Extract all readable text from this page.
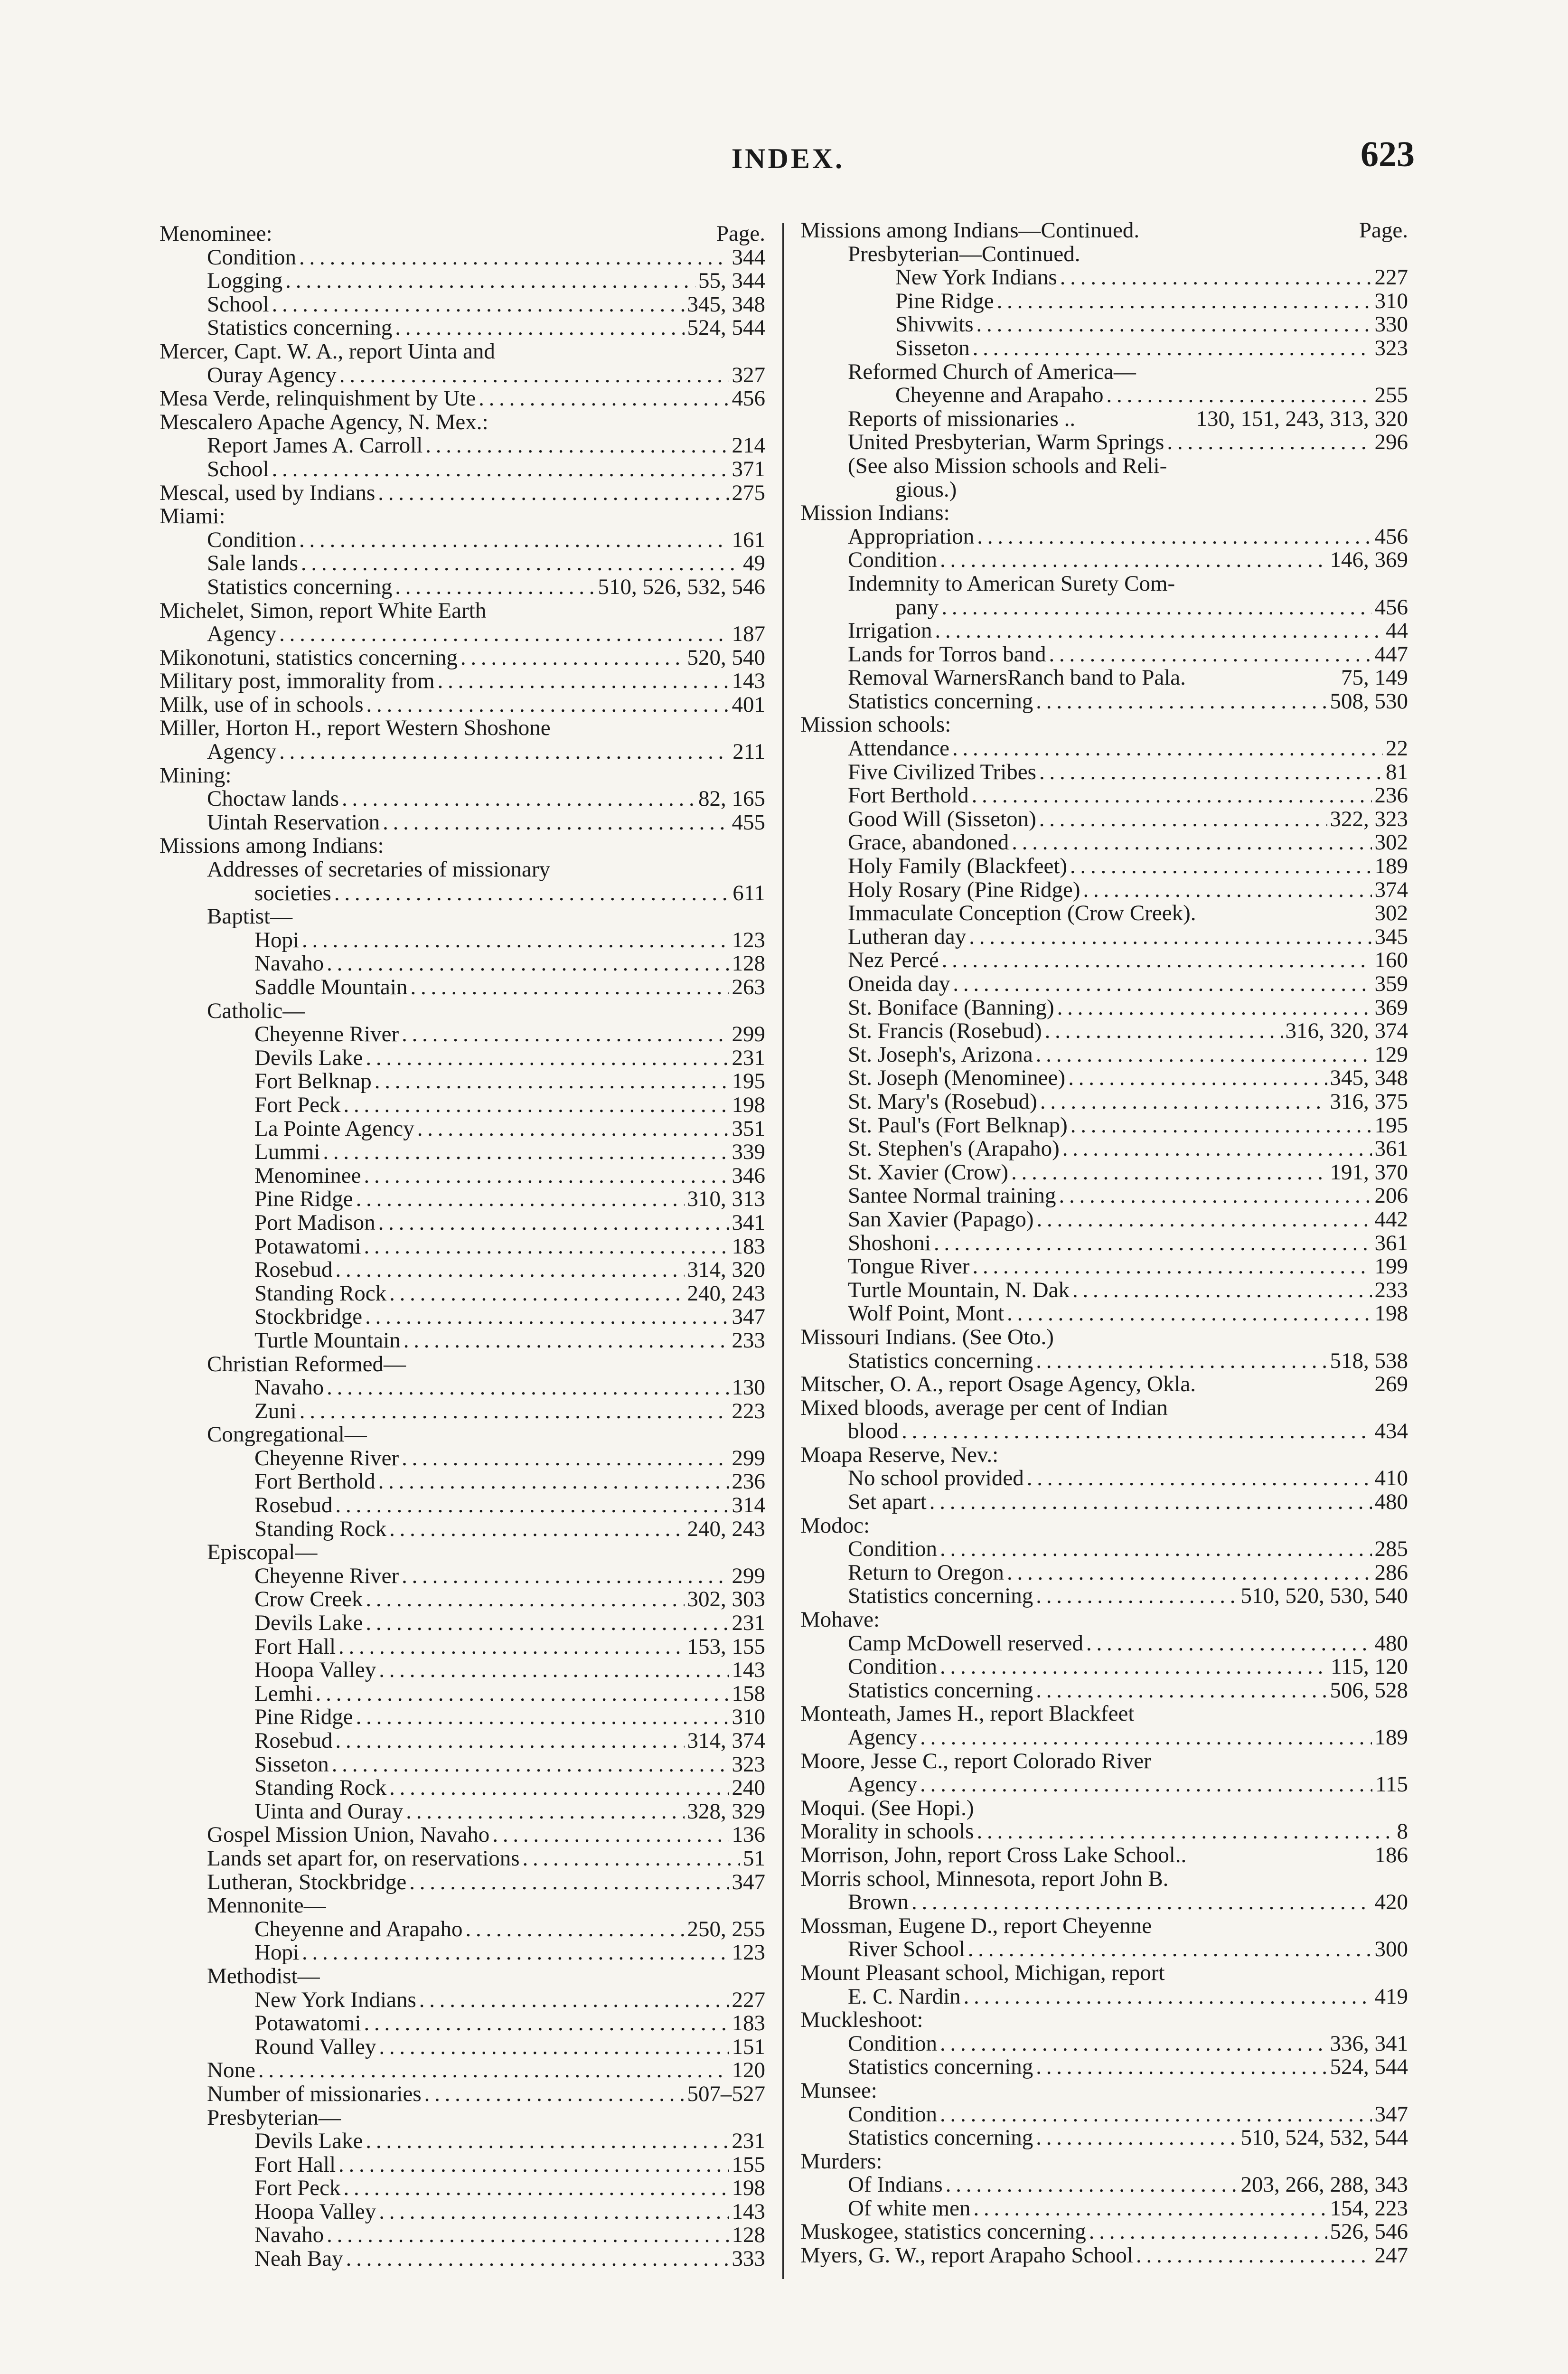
INDEX.	623
Menominee:	Page.
Condition . . .	344
Logging . . .	55, 344
School . . .	345, 348
Statistics concerning . . .	524, 544
Mercer, Capt. W. A., report Uinta and
Ouray Agency . . .	327
Mesa Verde, relinquishment by Ute . . .	456
Mescalero Apache Agency, N. Mex.:
Report James A. Carroll . . .	214
School . . .	371
Mescal, used by Indians . . .	275
Miami:
Condition . . .	161
Sale lands . . .	49
Statistics concerning . . .	510, 526, 532, 546
Michelet, Simon, report White Earth
Agency . . .	187
Mikonotuni, statistics concerning . . .	520, 540
Military post, immorality from . . .	143
Milk, use of in schools . . .	401
Miller, Horton H., report Western Shoshone
Agency . . .	211
Mining:
Choctaw lands . . .	82, 165
Uintah Reservation . . .	455
Missions among Indians:
Addresses of secretaries of missionary
societies . . .	611
Baptist—
Hopi . . .	123
Navaho . . .	128
Saddle Mountain . . .	263
Catholic—
Cheyenne River . . .	299
Devils Lake . . .	231
Fort Belknap . . .	195
Fort Peck . . .	198
La Pointe Agency . . .	351
Lummi . . .	339
Menominee . . .	346
Pine Ridge . . .	310, 313
Port Madison . . .	341
Potawatomi . . .	183
Rosebud . . .	314, 320
Standing Rock . . .	240, 243
Stockbridge . . .	347
Turtle Mountain . . .	233
Christian Reformed—
Navaho . . .	130
Zuni . . .	223
Congregational—
Cheyenne River . . .	299
Fort Berthold . . .	236
Rosebud . . .	314
Standing Rock . . .	240, 243
Episcopal—
Cheyenne River . . .	299
Crow Creek . . .	302, 303
Devils Lake . . .	231
Fort Hall . . .	153, 155
Hoopa Valley . . .	143
Lemhi . . .	158
Pine Ridge . . .	310
Rosebud . . .	314, 374
Sisseton . . .	323
Standing Rock . . .	240
Uinta and Ouray . . .	328, 329
Gospel Mission Union, Navaho . . .	136
Lands set apart for, on reservations . . .	51
Lutheran, Stockbridge . . .	347
Mennonite—
Cheyenne and Arapaho . . .	250, 255
Hopi . . .	123
Methodist—
New York Indians . . .	227
Potawatomi . . .	183
Round Valley . . .	151
None . . .	120
Number of missionaries . . .	507–527
Presbyterian—
Devils Lake . . .	231
Fort Hall . . .	155
Fort Peck . . .	198
Hoopa Valley . . .	143
Navaho . . .	128
Neah Bay . . .	333
Missions among Indians—Continued.	Page.
Presbyterian—Continued.
New York Indians . . .	227
Pine Ridge . . .	310
Shivwits . . .	330
Sisseton . . .	323
Reformed Church of America—
Cheyenne and Arapaho . . .	255
Reports of missionaries ..	130, 151, 243, 313, 320
United Presbyterian, Warm Springs . . .	296
(See also Mission schools and Reli-
gious.)
Mission Indians:
Appropriation . . .	456
Condition . . .	146, 369
Indemnity to American Surety Com-
pany . . .	456
Irrigation . . .	44
Lands for Torros band . . .	447
Removal WarnersRanch band to Pala.	75, 149
Statistics concerning . . .	508, 530
Mission schools:
Attendance . . .	22
Five Civilized Tribes . . .	81
Fort Berthold . . .	236
Good Will (Sisseton) . . .	322, 323
Grace, abandoned . . .	302
Holy Family (Blackfeet) . . .	189
Holy Rosary (Pine Ridge) . . .	374
Immaculate Conception (Crow Creek).	302
Lutheran day . . .	345
Nez Percé . . .	160
Oneida day . . .	359
St. Boniface (Banning) . . .	369
St. Francis (Rosebud) . . .	316, 320, 374
St. Joseph's, Arizona . . .	129
St. Joseph (Menominee) . . .	345, 348
St. Mary's (Rosebud) . . .	316, 375
St. Paul's (Fort Belknap) . . .	195
St. Stephen's (Arapaho) . . .	361
St. Xavier (Crow) . . .	191, 370
Santee Normal training . . .	206
San Xavier (Papago) . . .	442
Shoshoni . . .	361
Tongue River . . .	199
Turtle Mountain, N. Dak . . .	233
Wolf Point, Mont . . .	198
Missouri Indians. (See Oto.)
Statistics concerning . . .	518, 538
Mitscher, O. A., report Osage Agency, Okla.	269
Mixed bloods, average per cent of Indian
blood . . .	434
Moapa Reserve, Nev.:
No school provided . . .	410
Set apart . . .	480
Modoc:
Condition . . .	285
Return to Oregon . . .	286
Statistics concerning . . .	510, 520, 530, 540
Mohave:
Camp McDowell reserved . . .	480
Condition . . .	115, 120
Statistics concerning . . .	506, 528
Monteath, James H., report Blackfeet
Agency . . .	189
Moore, Jesse C., report Colorado River
Agency . . .	115
Moqui. (See Hopi.)
Morality in schools . . .	8
Morrison, John, report Cross Lake School..	186
Morris school, Minnesota, report John B.
Brown . . .	420
Mossman, Eugene D., report Cheyenne
River School . . .	300
Mount Pleasant school, Michigan, report
E. C. Nardin . . .	419
Muckleshoot:
Condition . . .	336, 341
Statistics concerning . . .	524, 544
Munsee:
Condition . . .	347
Statistics concerning . . .	510, 524, 532, 544
Murders:
Of Indians . . .	203, 266, 288, 343
Of white men . . .	154, 223
Muskogee, statistics concerning . . .	526, 546
Myers, G. W., report Arapaho School . . .	247
